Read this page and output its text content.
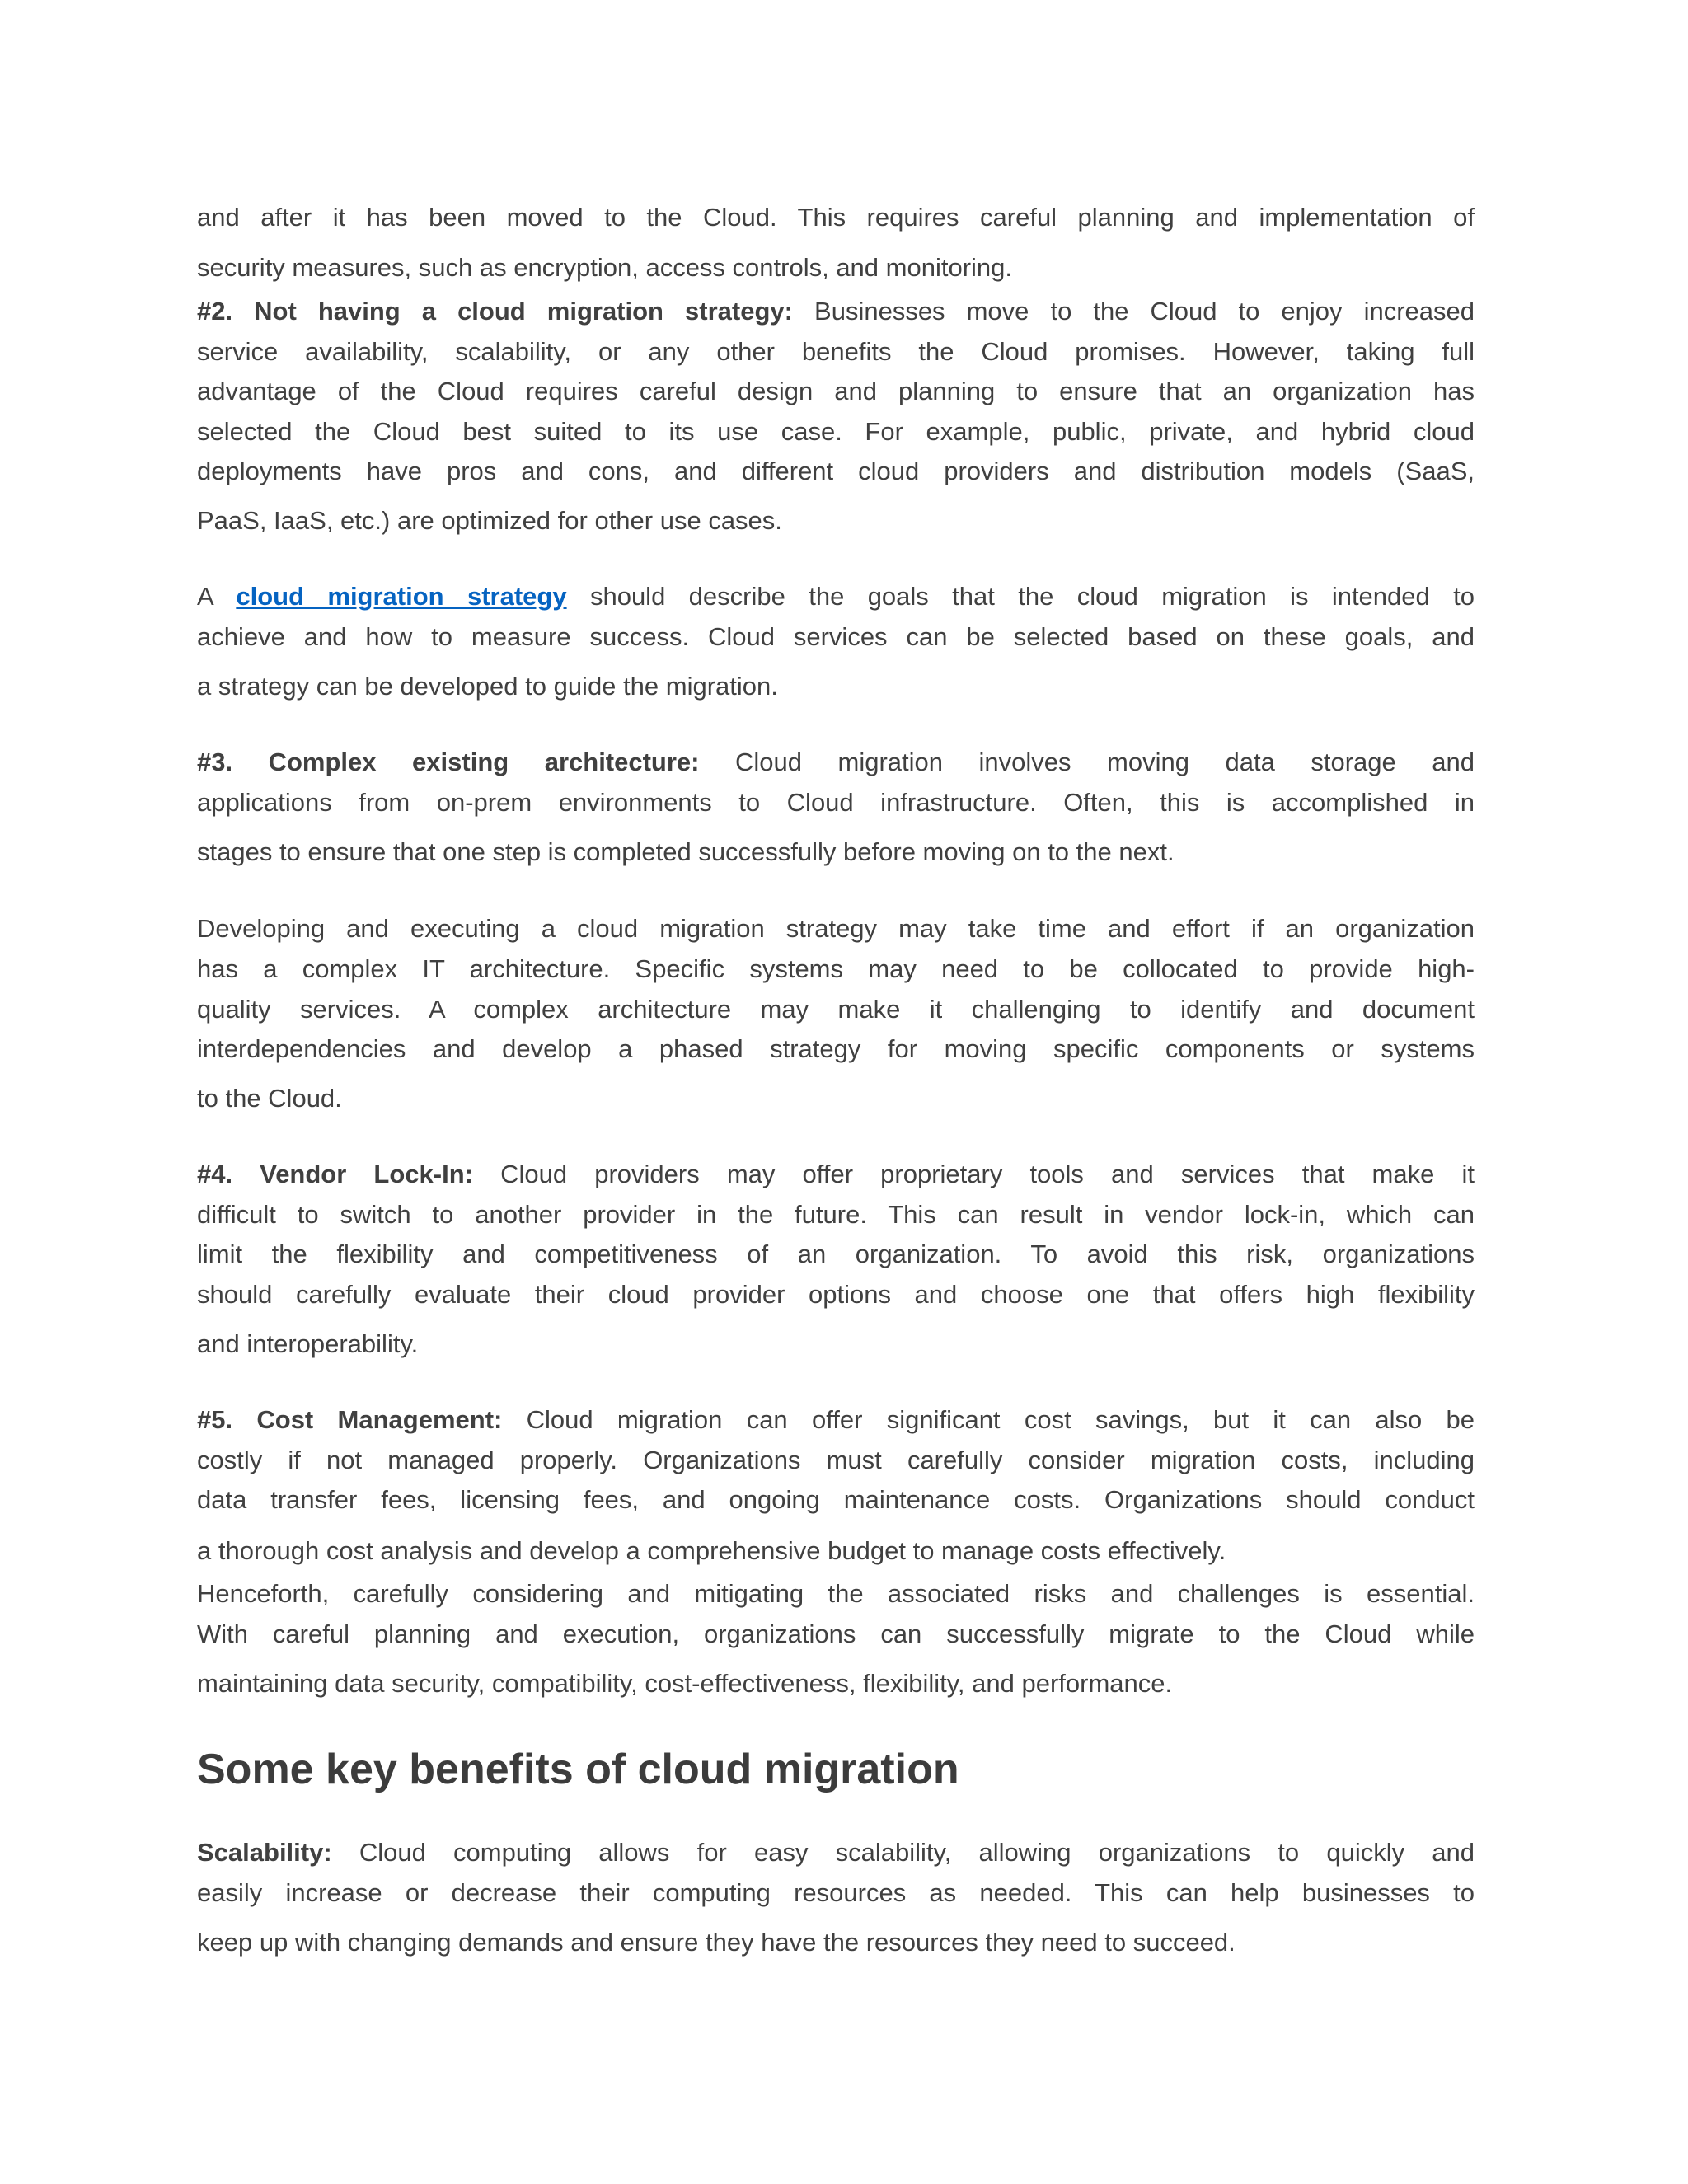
Some key benefits of cloud migration
and after it has been moved to the Cloud. This requires careful planning and implementation of
security measures, such as encryption, access controls, and monitoring.
#2. Not having a cloud migration strategy: Businesses move to the Cloud to enjoy increased
service availability, scalability, or any other benefits the Cloud promises. However, taking full
advantage of the Cloud requires careful design and planning to ensure that an organization has
selected the Cloud best suited to its use case. For example, public, private, and hybrid cloud
deployments have pros and cons, and different cloud providers and distribution models (SaaS,
PaaS, IaaS, etc.) are optimized for other use cases.
A cloud migration strategy should describe the goals that the cloud migration is intended to
achieve and how to measure success. Cloud services can be selected based on these goals, and
a strategy can be developed to guide the migration.
#3. Complex existing architecture: Cloud migration involves moving data storage and
applications from on-prem environments to Cloud infrastructure. Often, this is accomplished in
stages to ensure that one step is completed successfully before moving on to the next.
Developing and executing a cloud migration strategy may take time and effort if an organization
has a complex IT architecture. Specific systems may need to be collocated to provide high-
quality services. A complex architecture may make it challenging to identify and document
interdependencies and develop a phased strategy for moving specific components or systems
to the Cloud.
#4. Vendor Lock-In: Cloud providers may offer proprietary tools and services that make it
difficult to switch to another provider in the future. This can result in vendor lock-in, which can
limit the flexibility and competitiveness of an organization. To avoid this risk, organizations
should carefully evaluate their cloud provider options and choose one that offers high flexibility
and interoperability.
#5. Cost Management: Cloud migration can offer significant cost savings, but it can also be
costly if not managed properly. Organizations must carefully consider migration costs, including
data transfer fees, licensing fees, and ongoing maintenance costs. Organizations should conduct
a thorough cost analysis and develop a comprehensive budget to manage costs effectively.
Henceforth, carefully considering and mitigating the associated risks and challenges is essential.
With careful planning and execution, organizations can successfully migrate to the Cloud while
maintaining data security, compatibility, cost-effectiveness, flexibility, and performance.
Scalability: Cloud computing allows for easy scalability, allowing organizations to quickly and
easily increase or decrease their computing resources as needed. This can help businesses to
keep up with changing demands and ensure they have the resources they need to succeed.
